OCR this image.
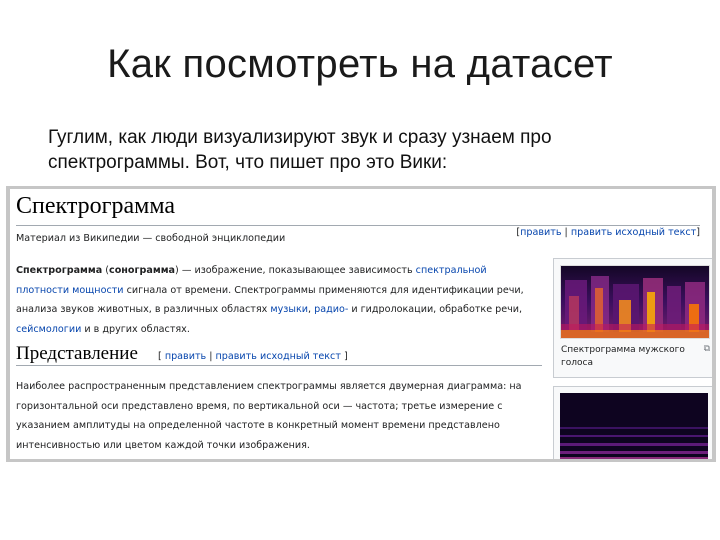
Как посмотреть на датасет
Гуглим, как люди визуализируют звук и сразу узнаем про спектрограммы. Вот, что пишет про это Вики:
Спектрограмма
Материал из Википедии — свободной энциклопедии
[править | править исходный текст]
Спектрограмма (сонограмма) — изображение, показывающее зависимость спектральной плотности мощности сигнала от времени. Спектрограммы применяются для идентификации речи, анализа звуков животных, в различных областях музыки, радио- и гидролокации, обработке речи, сейсмологии и в других областях.
Представление [ править | править исходный текст ]
Наиболее распространенным представлением спектрограммы является двумерная диаграмма: на горизонтальной оси представлено время, по вертикальной оси — частота; третье измерение с указанием амплитуды на определенной частоте в конкретный момент времени представлено интенсивностью или цветом каждой точки изображения.
Спектрограмма мужского голоса
⧉
